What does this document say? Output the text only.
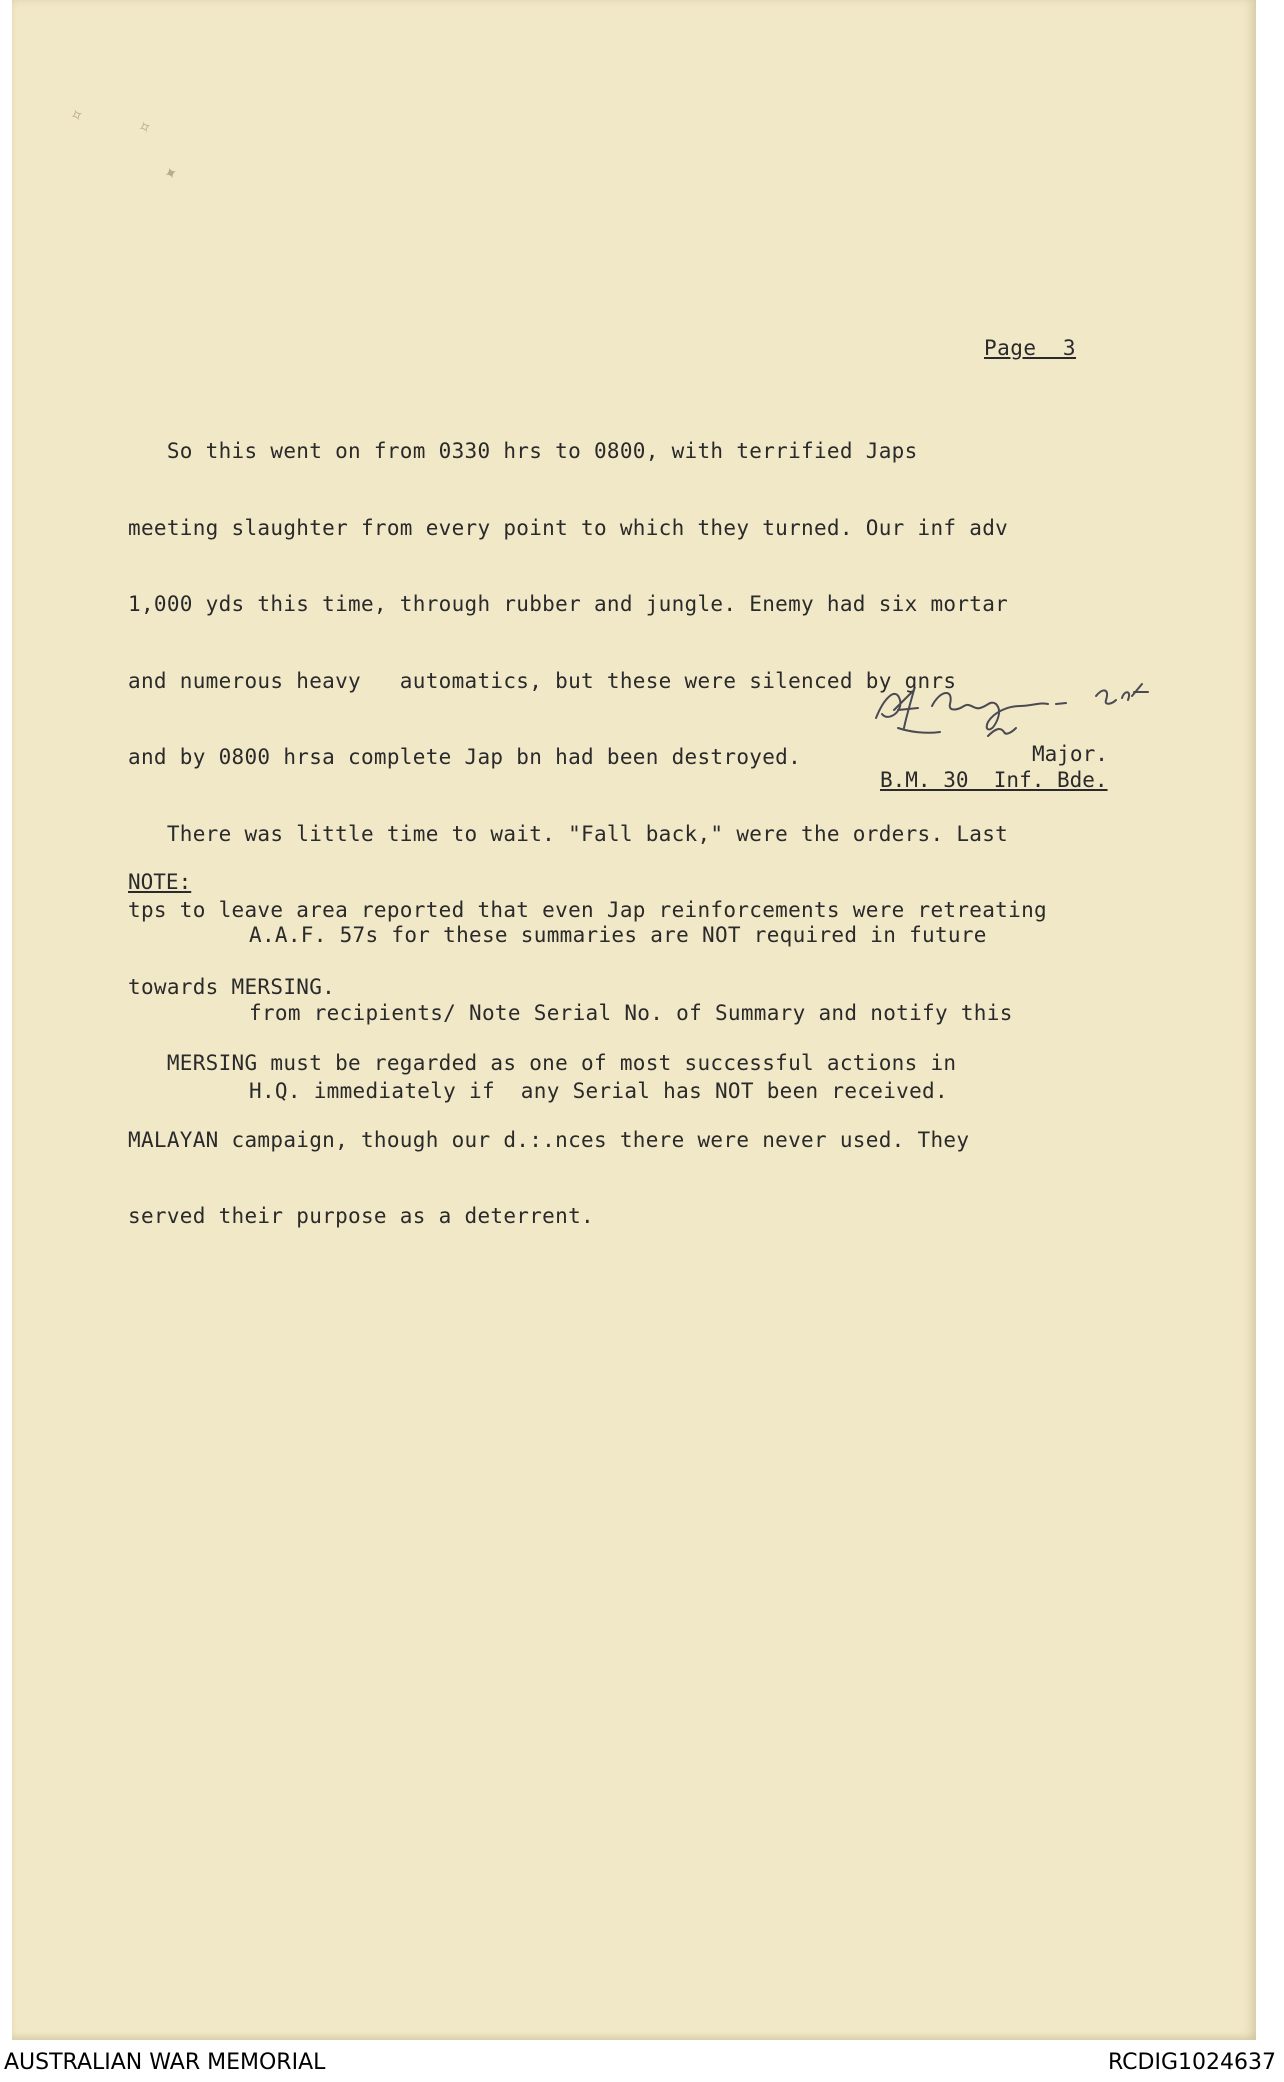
✧ ✧
✦
Page  3

So this went on from 0330 hrs to 0800, with terrified Japs

meeting slaughter from every point to which they turned. Our inf adv

1,000 yds this time, through rubber and jungle. Enemy had six mortar

and numerous heavy   automatics, but these were silenced by gnrs

and by 0800 hrsa complete Jap bn had been destroyed.

There was little time to wait. "Fall back," were the orders. Last

tps to leave area reported that even Jap reinforcements were retreating

towards MERSING.

MERSING must be regarded as one of most successful actions in

MALAYAN campaign, though our d.:.nces there were never used. They

served their purpose as a deterrent.

Major.
B.M. 30  Inf. Bde.
NOTE:

A.A.F. 57s for these summaries are NOT required in future

from recipients/ Note Serial No. of Summary and notify this

H.Q. immediately if  any Serial has NOT been received.

AUSTRALIAN WAR MEMORIAL	RCDIG1024637
